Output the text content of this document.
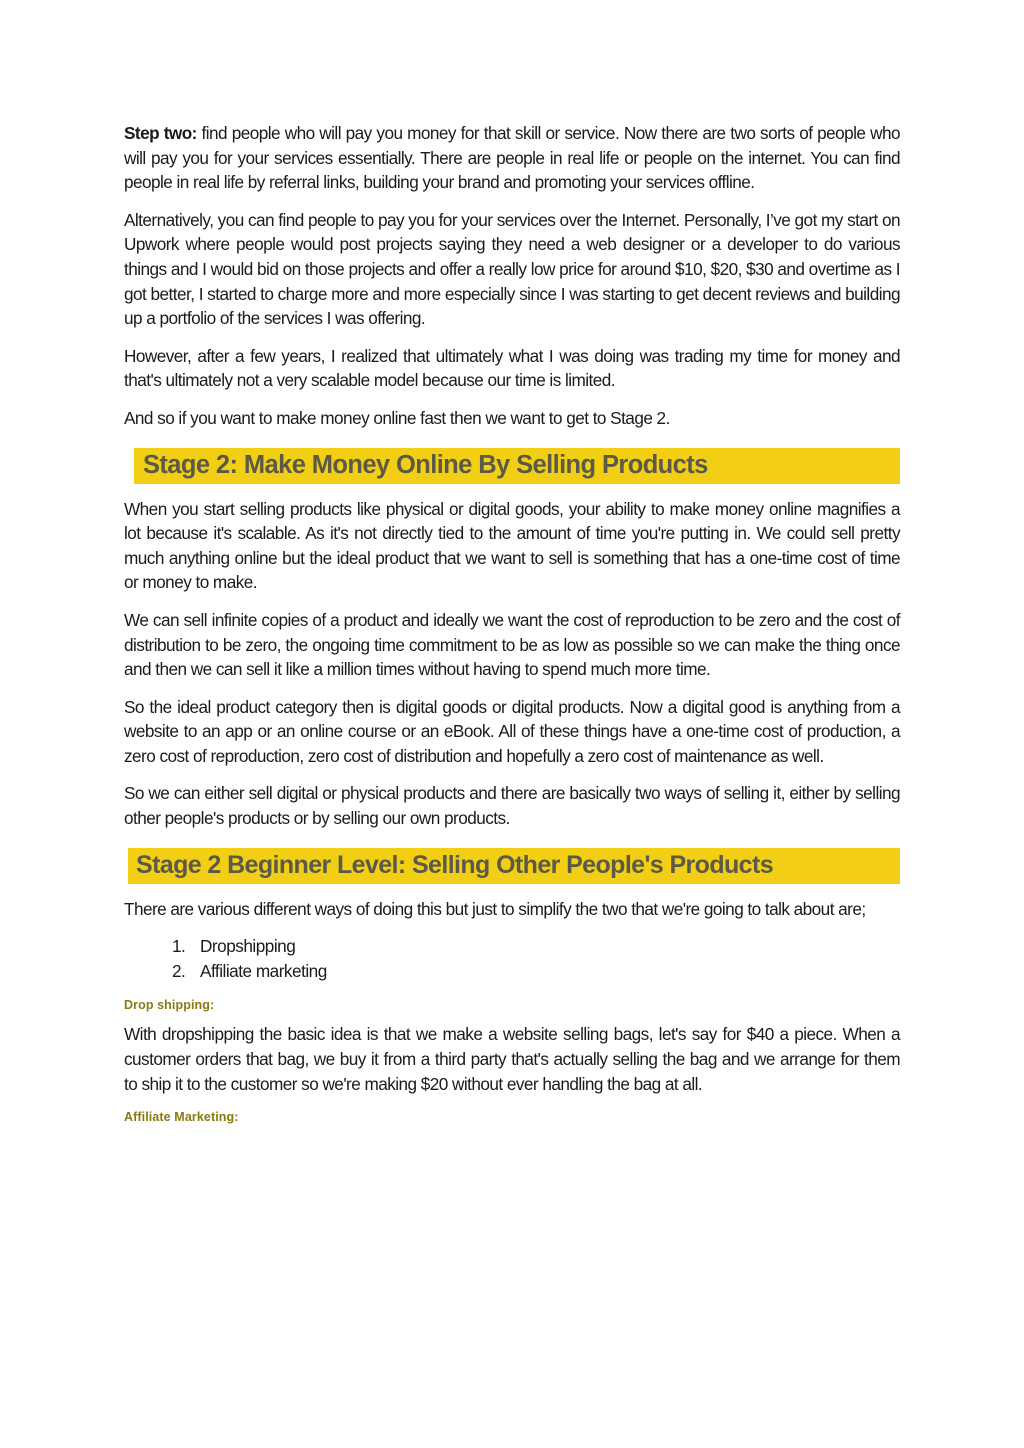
Step two: find people who will pay you money for that skill or service. Now there are two sorts of people who will pay you for your services essentially. There are people in real life or people on the internet. You can find people in real life by referral links, building your brand and promoting your services offline.

Alternatively, you can find people to pay you for your services over the Internet. Personally, I’ve got my start on Upwork where people would post projects saying they need a web designer or a developer to do various things and I would bid on those projects and offer a really low price for around $10, $20, $30 and overtime as I got better, I started to charge more and more especially since I was starting to get decent reviews and building up a portfolio of the services I was offering.

However, after a few years, I realized that ultimately what I was doing was trading my time for money and that's ultimately not a very scalable model because our time is limited.

And so if you want to make money online fast then we want to get to Stage 2.

Stage 2: Make Money Online By Selling Products

When you start selling products like physical or digital goods, your ability to make money online magnifies a lot because it's scalable. As it's not directly tied to the amount of time you're putting in. We could sell pretty much anything online but the ideal product that we want to sell is something that has a one-time cost of time or money to make.

We can sell infinite copies of a product and ideally we want the cost of reproduction to be zero and the cost of distribution to be zero, the ongoing time commitment to be as low as possible so we can make the thing once and then we can sell it like a million times without having to spend much more time.

So the ideal product category then is digital goods or digital products. Now a digital good is anything from a website to an app or an online course or an eBook. All of these things have a one-time cost of production, a zero cost of reproduction, zero cost of distribution and hopefully a zero cost of maintenance as well.

So we can either sell digital or physical products and there are basically two ways of selling it, either by selling other people's products or by selling our own products.

Stage 2 Beginner Level: Selling Other People's Products

There are various different ways of doing this but just to simplify the two that we're going to talk about are;

1. Dropshipping
2. Affiliate marketing
Drop shipping:

With dropshipping the basic idea is that we make a website selling bags, let's say for $40 a piece. When a customer orders that bag, we buy it from a third party that's actually selling the bag and we arrange for them to ship it to the customer so we're making $20 without ever handling the bag at all.

Affiliate Marketing:
